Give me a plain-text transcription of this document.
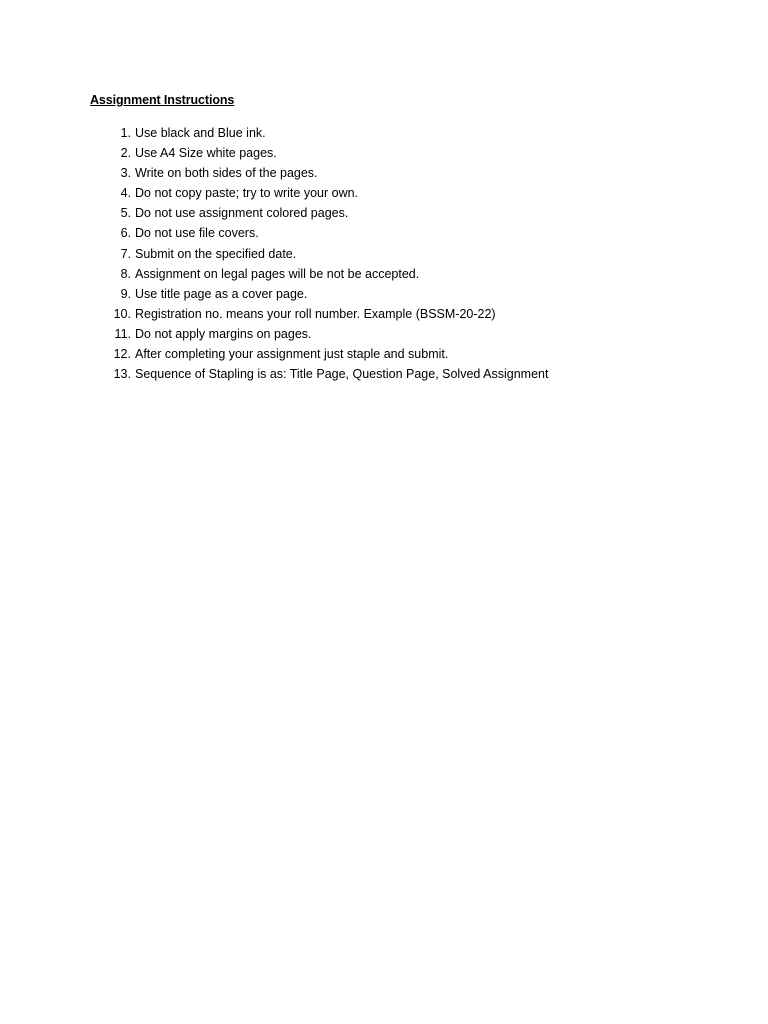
Assignment Instructions
1. Use black and Blue ink.
2. Use A4 Size white pages.
3. Write on both sides of the pages.
4. Do not copy paste; try to write your own.
5. Do not use assignment colored pages.
6. Do not use file covers.
7. Submit on the specified date.
8. Assignment on legal pages will be not be accepted.
9. Use title page as a cover page.
10. Registration no. means your roll number. Example (BSSM-20-22)
11. Do not apply margins on pages.
12. After completing your assignment just staple and submit.
13. Sequence of Stapling is as: Title Page, Question Page, Solved Assignment
